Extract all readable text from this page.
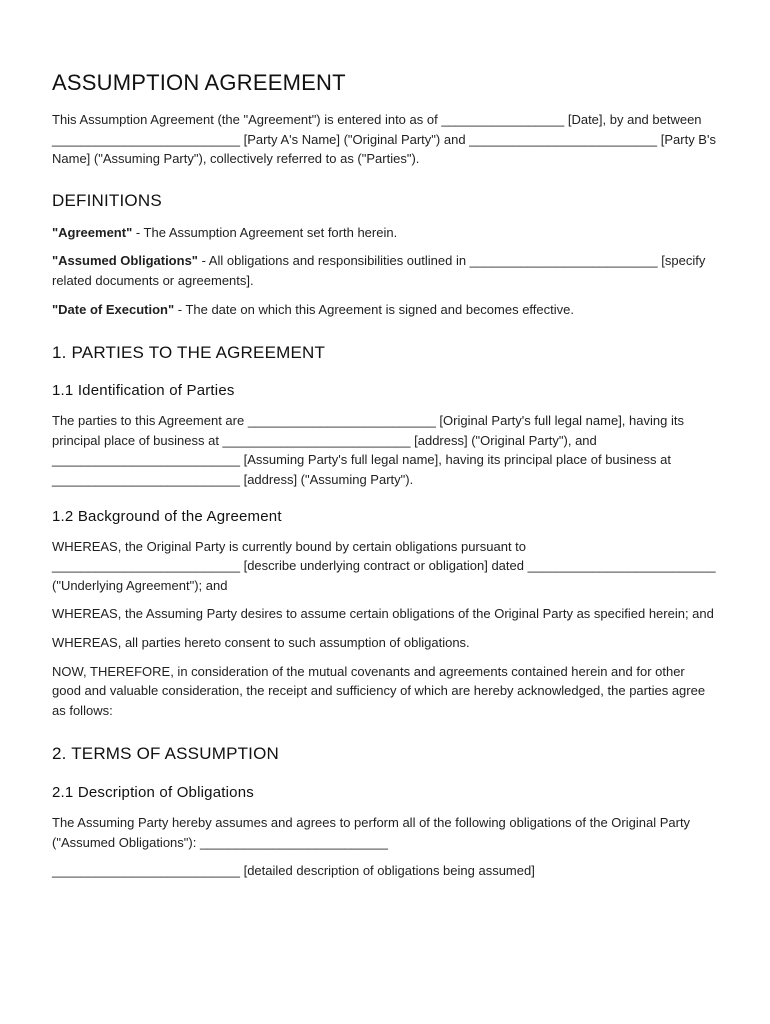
ASSUMPTION AGREEMENT

This Assumption Agreement (the "Agreement") is entered into as of _________________ [Date], by and between __________________________ [Party A's Name] ("Original Party") and __________________________ [Party B's Name] ("Assuming Party"), collectively referred to as ("Parties").

DEFINITIONS

"Agreement" - The Assumption Agreement set forth herein.

"Assumed Obligations" - All obligations and responsibilities outlined in __________________________ [specify related documents or agreements].

"Date of Execution" - The date on which this Agreement is signed and becomes effective.

1. PARTIES TO THE AGREEMENT
1.1 Identification of Parties

The parties to this Agreement are __________________________ [Original Party's full legal name], having its principal place of business at __________________________ [address] ("Original Party"), and __________________________ [Assuming Party's full legal name], having its principal place of business at __________________________ [address] ("Assuming Party").

1.2 Background of the Agreement

WHEREAS, the Original Party is currently bound by certain obligations pursuant to __________________________ [describe underlying contract or obligation] dated __________________________ ("Underlying Agreement"); and

WHEREAS, the Assuming Party desires to assume certain obligations of the Original Party as specified herein; and

WHEREAS, all parties hereto consent to such assumption of obligations.

NOW, THEREFORE, in consideration of the mutual covenants and agreements contained herein and for other good and valuable consideration, the receipt and sufficiency of which are hereby acknowledged, the parties agree as follows:

2. TERMS OF ASSUMPTION
2.1 Description of Obligations

The Assuming Party hereby assumes and agrees to perform all of the following obligations of the Original Party ("Assumed Obligations"): __________________________

__________________________ [detailed description of obligations being assumed]
